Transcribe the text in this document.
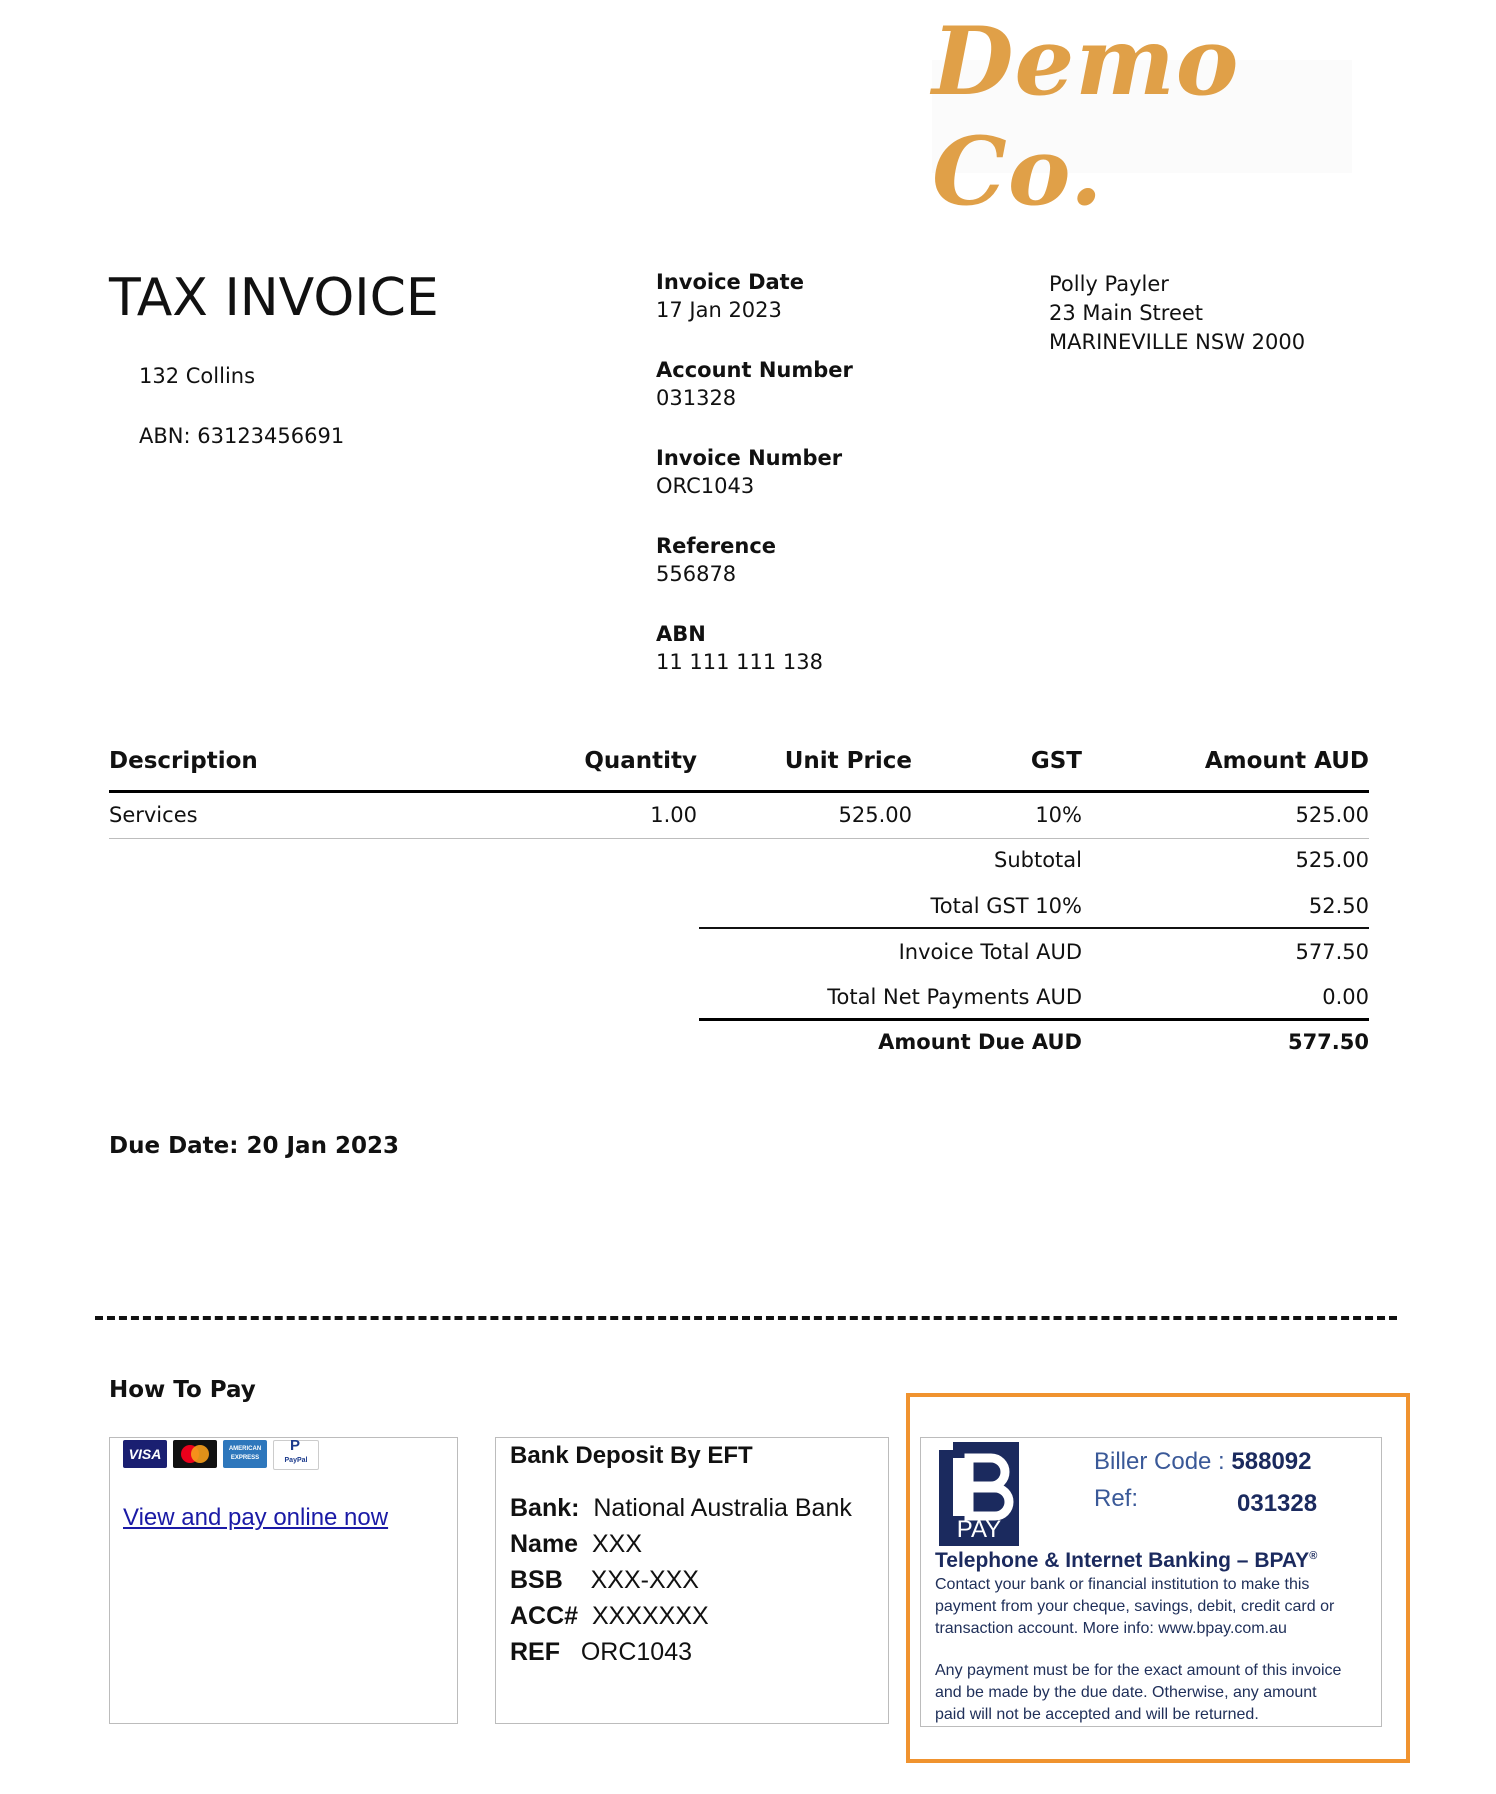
Demo Co.
TAX INVOICE
132 Collins
ABN: 63123456691
Invoice Date
17 Jan 2023
Account Number
031328
Invoice Number
ORC1043
Reference
556878
ABN
11 111 111 138
Polly Payler
23 Main Street
MARINEVILLE NSW 2000
Description	Quantity	Unit Price	GST	Amount AUD
Services	1.00	525.00	10%	525.00
Subtotal	525.00
Total GST 10%	52.50
Invoice Total AUD	577.50
Total Net Payments AUD	0.00
Amount Due AUD	577.50
Due Date: 20 Jan 2023
How To Pay
VISA	AMERICAN EXPRESS
P
PayPal
View and pay online now
Bank Deposit By EFT
Bank: National Australia Bank
Name XXX
BSB XXX-XXX
ACC# XXXXXXX
REF ORC1043
PAY
Biller Code : 588092
Ref:	031328
Telephone & Internet Banking – BPAY®
Contact your bank or financial institution to make this payment from your cheque, savings, debit, credit card or transaction account. More info: www.bpay.com.au
Any payment must be for the exact amount of this invoice and be made by the due date. Otherwise, any amount paid will not be accepted and will be returned.
